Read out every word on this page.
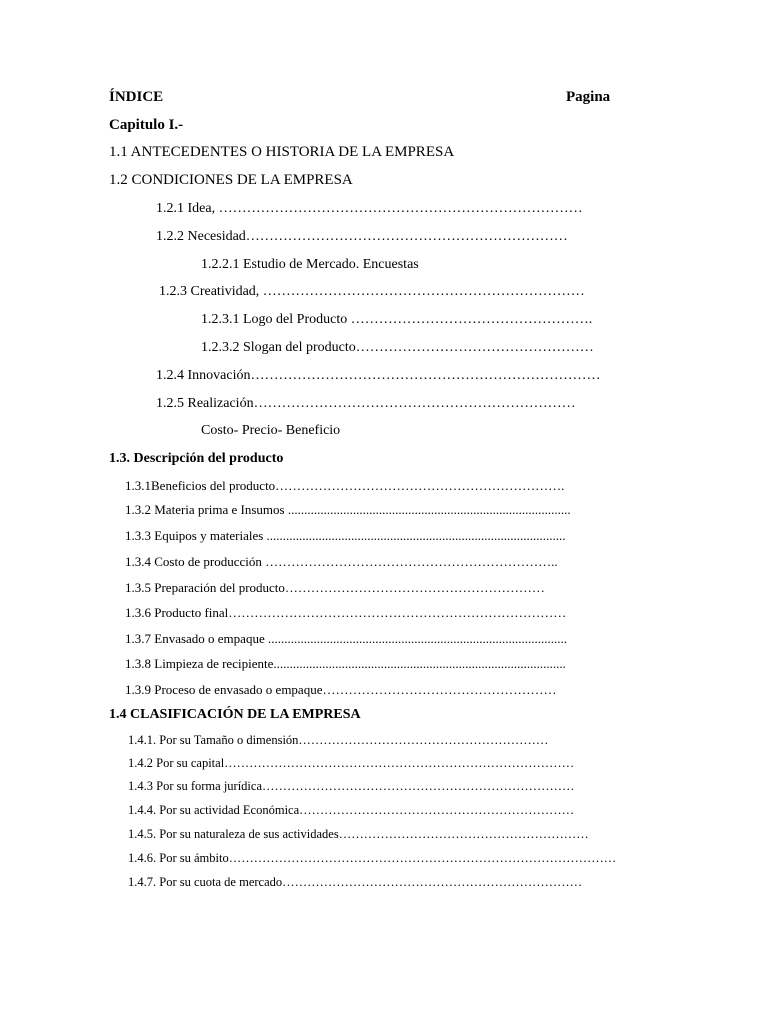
ÍNDICE	Pagina
Capitulo I.-
1.1 ANTECEDENTES O HISTORIA DE LA EMPRESA
1.2 CONDICIONES DE LA EMPRESA
1.2.1 Idea, ……………………………………………………………………
1.2.2 Necesidad……………………………………………………………
1.2.2.1 Estudio de Mercado. Encuestas
1.2.3 Creatividad, ……………………………………………………………
1.2.3.1 Logo del Producto …………………………………………….
1.2.3.2 Slogan del producto……………………………………………
1.2.4 Innovación…………………………………………………………………
1.2.5 Realización……………………………………………………………
Costo- Precio- Beneficio
1.3. Descripción del producto
1.3.1Beneficios del producto………………………………………………………….
1.3.2 Materia prima e Insumos .......................................................................................
1.3.3 Equipos y materiales ............................................................................................
1.3.4 Costo de producción …………………………………………………………..
1.3.5 Preparación del producto……………………………………………………
1.3.6 Producto final……………………………………………………………………
1.3.7 Envasado o empaque ............................................................................................
1.3.8 Limpieza de recipiente..........................................................................................
1.3.9 Proceso de envasado o empaque………………………………………………
1.4 CLASIFICACIÓN DE LA EMPRESA
1.4.1. Por su Tamaño o dimensión……………………………………………………
1.4.2 Por su capital…………………………………………………………………………
1.4.3 Por su forma jurídica…………………………………………………………………
1.4.4. Por su actividad Económica…………………………………………………………
1.4.5. Por su naturaleza de sus actividades……………………………………………………
1.4.6. Por su ámbito…………………………………………………………………………………
1.4.7. Por su cuota de mercado………………………………………………………………
